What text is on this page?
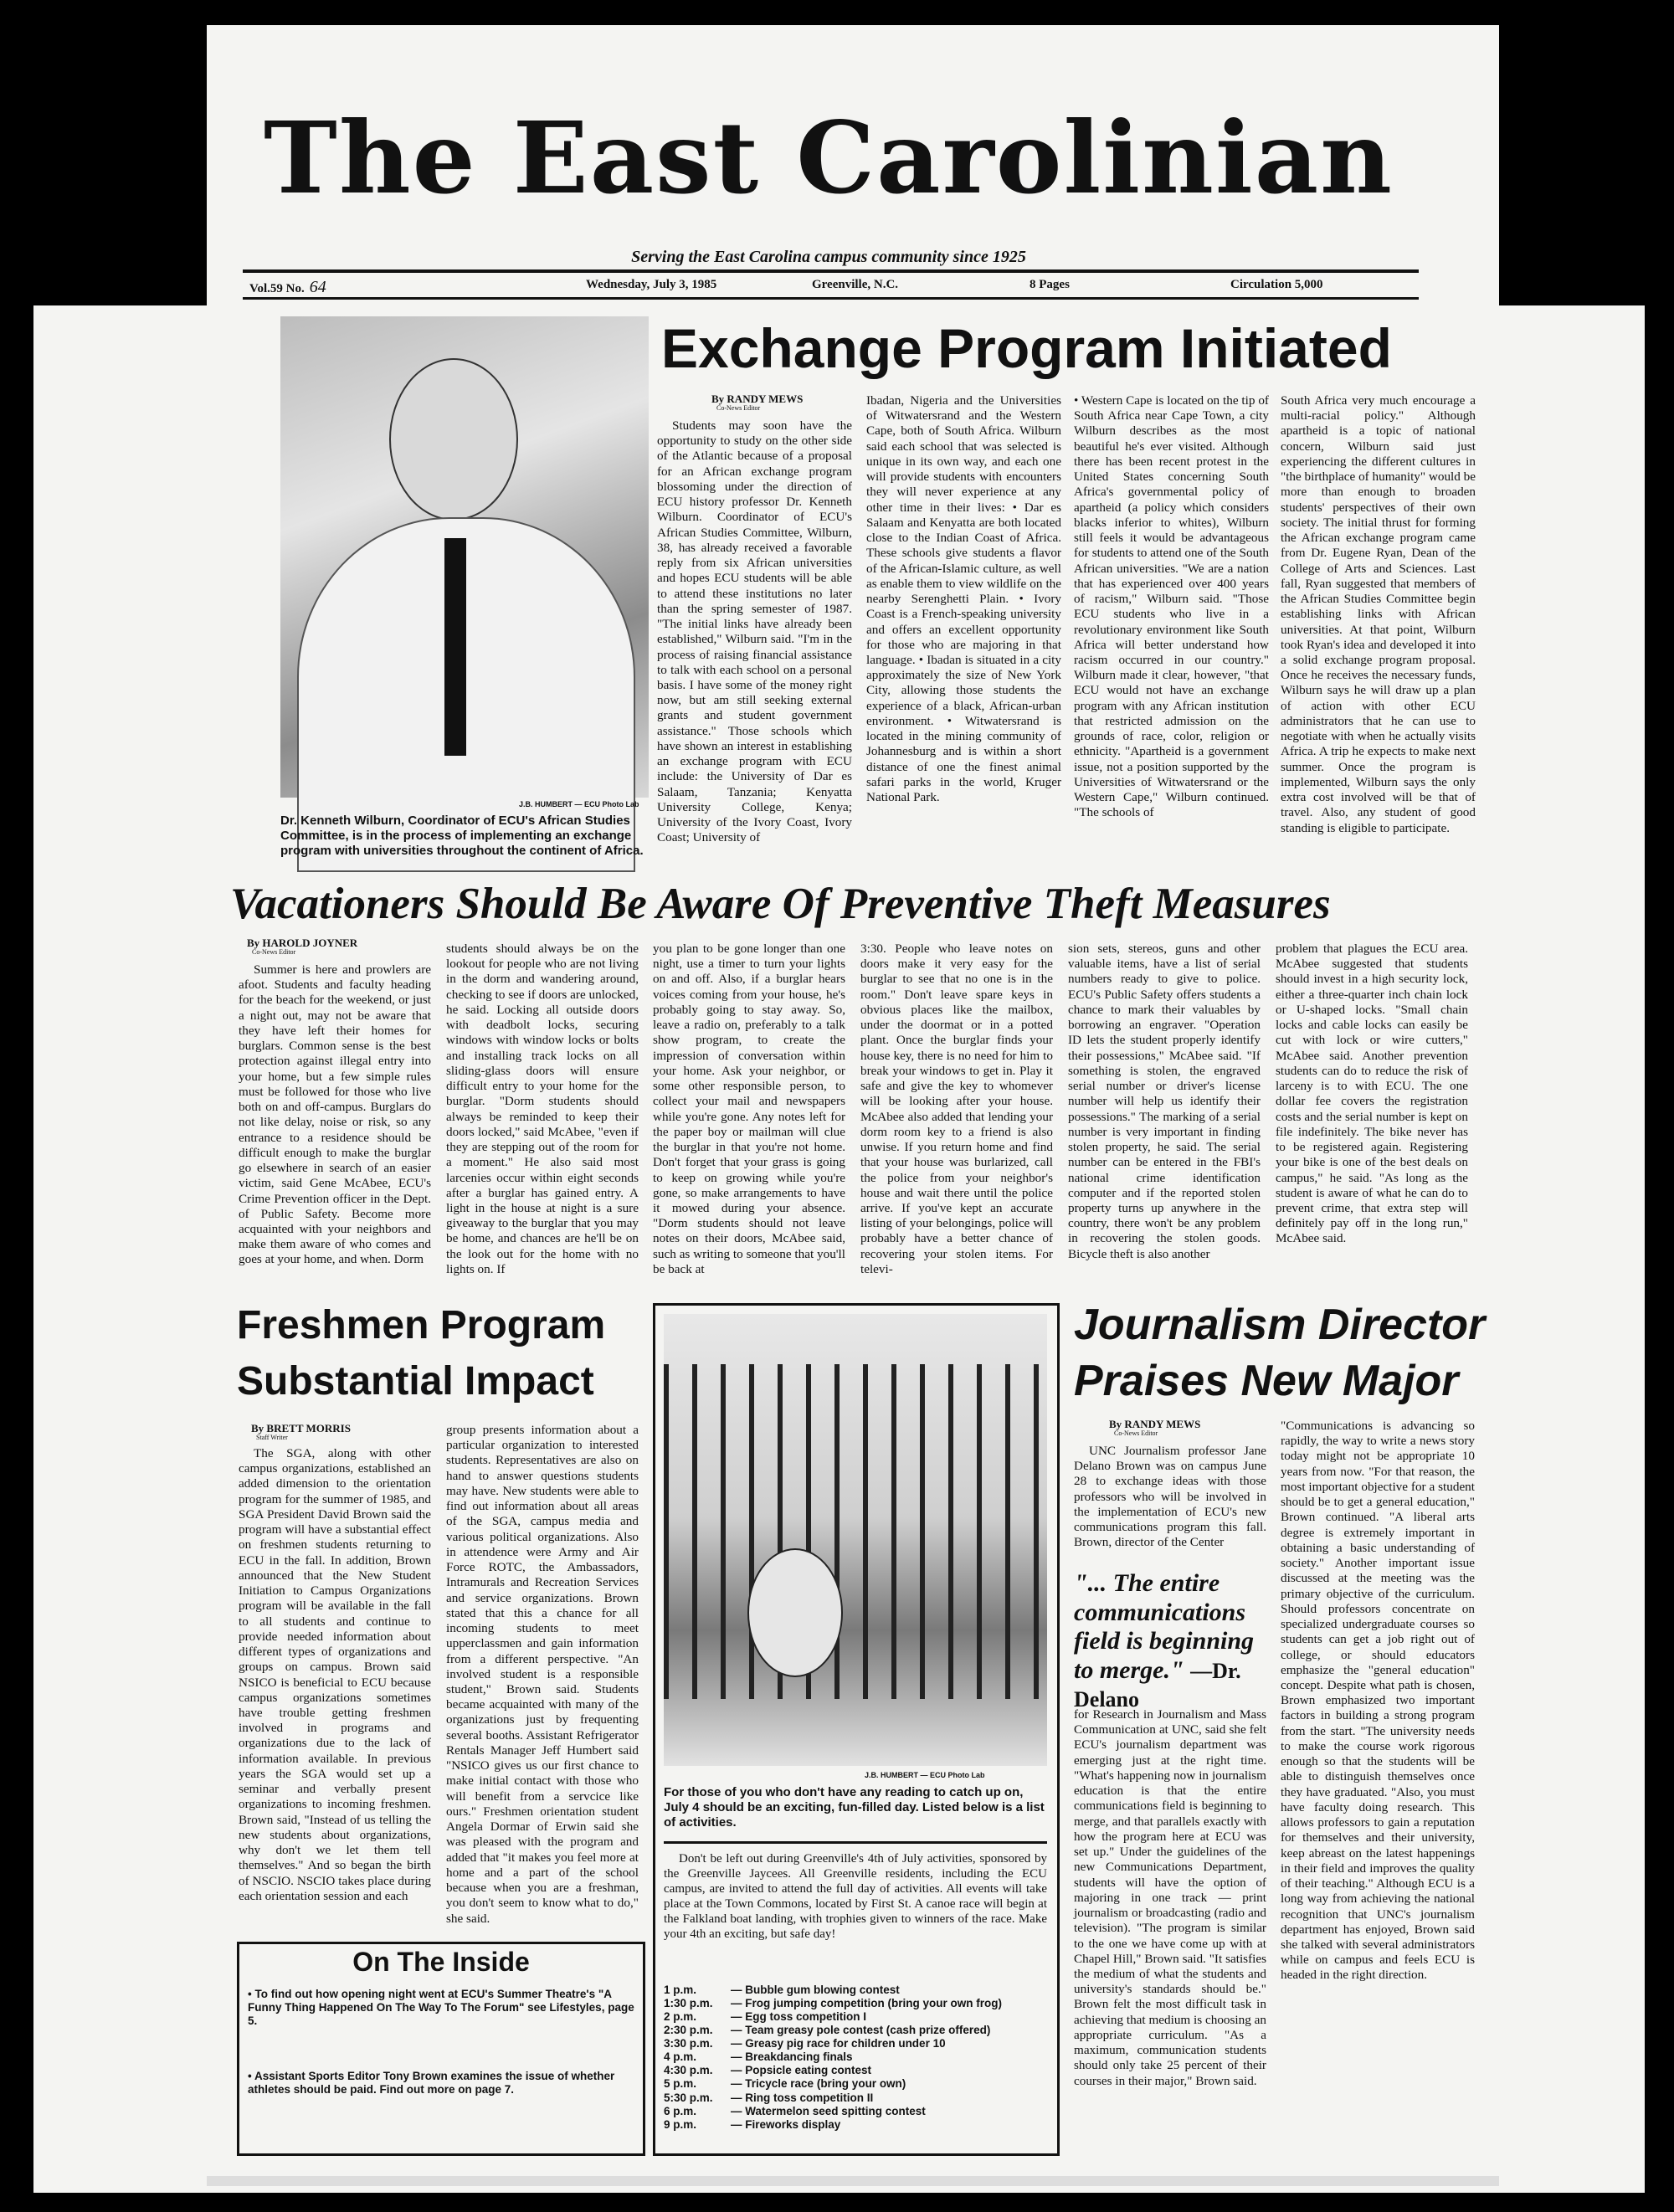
The East Carolinian
Serving the East Carolina campus community since 1925
Vol.59 No. 64	Wednesday, July 3, 1985	Greenville, N.C.	8 Pages	Circulation 5,000
J.B. HUMBERT — ECU Photo Lab
Dr. Kenneth Wilburn, Coordinator of ECU's African Studies Committee, is in the process of implementing an exchange program with universities throughout the continent of Africa.
Exchange Program Initiated
By RANDY MEWS
Co-News Editor

Students may soon have the opportunity to study on the other side of the Atlantic because of a proposal for an African exchange program blossoming under the direction of ECU history professor Dr. Kenneth Wilburn. Coordinator of ECU's African Studies Committee, Wilburn, 38, has already received a favorable reply from six African universities and hopes ECU students will be able to attend these institutions no later than the spring semester of 1987. "The initial links have already been established," Wilburn said. "I'm in the process of raising financial assistance to talk with each school on a personal basis. I have some of the money right now, but am still seeking external grants and student government assistance." Those schools which have shown an interest in establishing an exchange program with ECU include: the University of Dar es Salaam, Tanzania; Kenyatta University College, Kenya; University of the Ivory Coast, Ivory Coast; University of

Ibadan, Nigeria and the Universities of Witwatersrand and the Western Cape, both of South Africa. Wilburn said each school that was selected is unique in its own way, and each one will provide students with encounters they will never experience at any other time in their lives: • Dar es Salaam and Kenyatta are both located close to the Indian Coast of Africa. These schools give students a flavor of the African-Islamic culture, as well as enable them to view wildlife on the nearby Serenghetti Plain. • Ivory Coast is a French-speaking university and offers an excellent opportunity for those who are majoring in that language. • Ibadan is situated in a city approximately the size of New York City, allowing those students the experience of a black, African-urban environment. • Witwatersrand is located in the mining community of Johannesburg and is within a short distance of one the finest animal safari parks in the world, Kruger National Park.

• Western Cape is located on the tip of South Africa near Cape Town, a city Wilburn describes as the most beautiful he's ever visited. Although there has been recent protest in the United States concerning South Africa's governmental policy of apartheid (a policy which considers blacks inferior to whites), Wilburn still feels it would be advantageous for students to attend one of the South African universities. "We are a nation that has experienced over 400 years of racism," Wilburn said. "Those ECU students who live in a revolutionary environment like South Africa will better understand how racism occurred in our country." Wilburn made it clear, however, "that ECU would not have an exchange program with any African institution that restricted admission on the grounds of race, color, religion or ethnicity. "Apartheid is a government issue, not a position supported by the Universities of Witwatersrand or the Western Cape," Wilburn continued. "The schools of

South Africa very much encourage a multi-racial policy." Although apartheid is a topic of national concern, Wilburn said just experiencing the different cultures in "the birthplace of humanity" would be more than enough to broaden students' perspectives of their own society. The initial thrust for forming the African exchange program came from Dr. Eugene Ryan, Dean of the College of Arts and Sciences. Last fall, Ryan suggested that members of the African Studies Committee begin establishing links with African universities. At that point, Wilburn took Ryan's idea and developed it into a solid exchange program proposal. Once he receives the necessary funds, Wilburn says he will draw up a plan of action with other ECU administrators that he can use to negotiate with when he actually visits Africa. A trip he expects to make next summer. Once the program is implemented, Wilburn says the only extra cost involved will be that of travel. Also, any student of good standing is eligible to participate.

Vacationers Should Be Aware Of Preventive Theft Measures
By HAROLD JOYNER
Co-News Editor

Summer is here and prowlers are afoot. Students and faculty heading for the beach for the weekend, or just a night out, may not be aware that they have left their homes for burglars. Common sense is the best protection against illegal entry into your home, but a few simple rules must be followed for those who live both on and off-campus. Burglars do not like delay, noise or risk, so any entrance to a residence should be difficult enough to make the burglar go elsewhere in search of an easier victim, said Gene McAbee, ECU's Crime Prevention officer in the Dept. of Public Safety. Become more acquainted with your neighbors and make them aware of who comes and goes at your home, and when. Dorm

students should always be on the lookout for people who are not living in the dorm and wandering around, checking to see if doors are unlocked, he said. Locking all outside doors with deadbolt locks, securing windows with window locks or bolts and installing track locks on all sliding-glass doors will ensure difficult entry to your home for the burglar. "Dorm students should always be reminded to keep their doors locked," said McAbee, "even if they are stepping out of the room for a moment." He also said most larcenies occur within eight seconds after a burglar has gained entry. A light in the house at night is a sure giveaway to the burglar that you may be home, and chances are he'll be on the look out for the home with no lights on. If

you plan to be gone longer than one night, use a timer to turn your lights on and off. Also, if a burglar hears voices coming from your house, he's probably going to stay away. So, leave a radio on, preferably to a talk show program, to create the impression of conversation within your home. Ask your neighbor, or some other responsible person, to collect your mail and newspapers while you're gone. Any notes left for the paper boy or mailman will clue the burglar in that you're not home. Don't forget that your grass is going to keep on growing while you're gone, so make arrangements to have it mowed during your absence. "Dorm students should not leave notes on their doors, McAbee said, such as writing to someone that you'll be back at

3:30. People who leave notes on doors make it very easy for the burglar to see that no one is in the room." Don't leave spare keys in obvious places like the mailbox, under the doormat or in a potted plant. Once the burglar finds your house key, there is no need for him to break your windows to get in. Play it safe and give the key to whomever will be looking after your house. McAbee also added that lending your dorm room key to a friend is also unwise. If you return home and find that your house was burlarized, call the police from your neighbor's house and wait there until the police arrive. If you've kept an accurate listing of your belongings, police will probably have a better chance of recovering your stolen items. For televi-

sion sets, stereos, guns and other valuable items, have a list of serial numbers ready to give to police. ECU's Public Safety offers students a chance to mark their valuables by borrowing an engraver. "Operation ID lets the student properly identify their possessions," McAbee said. "If something is stolen, the engraved serial number or driver's license number will help us identify their possessions." The marking of a serial number is very important in finding stolen property, he said. The serial number can be entered in the FBI's national crime identification computer and if the reported stolen property turns up anywhere in the country, there won't be any problem in recovering the stolen goods. Bicycle theft is also another

problem that plagues the ECU area. McAbee suggested that students should invest in a high security lock, either a three-quarter inch chain lock or U-shaped locks. "Small chain locks and cable locks can easily be cut with lock or wire cutters," McAbee said. Another prevention students can do to reduce the risk of larceny is to with ECU. The one dollar fee covers the registration costs and the serial number is kept on file indefinitely. The bike never has to be registered again. Registering your bike is one of the best deals on campus," he said. "As long as the student is aware of what he can do to prevent crime, that extra step will definitely pay off in the long run," McAbee said.

Freshmen Program
Substantial Impact
By BRETT MORRIS
Staff Writer

The SGA, along with other campus organizations, established an added dimension to the orientation program for the summer of 1985, and SGA President David Brown said the program will have a substantial effect on freshmen students returning to ECU in the fall. In addition, Brown announced that the New Student Initiation to Campus Organizations program will be available in the fall to all students and continue to provide needed information about different types of organizations and groups on campus. Brown said NSICO is beneficial to ECU because campus organizations sometimes have trouble getting freshmen involved in programs and organizations due to the lack of information available. In previous years the SGA would set up a seminar and verbally present organizations to incoming freshmen. Brown said, "Instead of us telling the new students about organizations, why don't we let them tell themselves." And so began the birth of NSCIO. NSCIO takes place during each orientation session and each

group presents information about a particular organization to interested students. Representatives are also on hand to answer questions students may have. New students were able to find out information about all areas of the SGA, campus media and various political organizations. Also in attendence were Army and Air Force ROTC, the Ambassadors, Intramurals and Recreation Services and service organizations. Brown stated that this a chance for all incoming students to meet upperclassmen and gain information from a different perspective. "An involved student is a responsible student," Brown said. Students became acquainted with many of the organizations just by frequenting several booths. Assistant Refrigerator Rentals Manager Jeff Humbert said "NSICO gives us our first chance to make initial contact with those who will benefit from a servcice like ours." Freshmen orientation student Angela Dormar of Erwin said she was pleased with the program and added that "it makes you feel more at home and a part of the school because when you are a freshman, you don't seem to know what to do," she said.

On The Inside
• To find out how opening night went at ECU's Summer Theatre's "A Funny Thing Happened On The Way To The Forum" see Lifestyles, page 5.
• Assistant Sports Editor Tony Brown examines the issue of whether athletes should be paid. Find out more on page 7.
J.B. HUMBERT — ECU Photo Lab
For those of you who don't have any reading to catch up on, July 4 should be an exciting, fun-filled day. Listed below is a list of activities.

Don't be left out during Greenville's 4th of July activities, sponsored by the Greenville Jaycees. All Greenville residents, including the ECU campus, are invited to attend the full day of activities. All events will take place at the Town Commons, located by First St. A canoe race will begin at the Falkland boat landing, with trophies given to winners of the race. Make your 4th an exciting, but safe day!

1 p.m.	— Bubble gum blowing contest
1:30 p.m. — Frog jumping competition (bring your own frog)
2 p.m.	— Egg toss competition I
2:30 p.m. — Team greasy pole contest (cash prize offered)
3:30 p.m. — Greasy pig race for children under 10
4 p.m.	— Breakdancing finals
4:30 p.m. — Popsicle eating contest
5 p.m.	— Tricycle race (bring your own)
5:30 p.m. — Ring toss competition II
6 p.m.	— Watermelon seed spitting contest
9 p.m.	— Fireworks display
Journalism Director
Praises New Major
By RANDY MEWS
Co-News Editor

UNC Journalism professor Jane Delano Brown was on campus June 28 to exchange ideas with those professors who will be involved in the implementation of ECU's new communications program this fall. Brown, director of the Center

"... The entire communications field is beginning to merge." —Dr. Delano

for Research in Journalism and Mass Communication at UNC, said she felt ECU's journalism department was emerging just at the right time. "What's happening now in journalism education is that the entire communications field is beginning to merge, and that parallels exactly with how the program here at ECU was set up." Under the guidelines of the new Communications Department, students will have the option of majoring in one track — print journalism or broadcasting (radio and television). "The program is similar to the one we have come up with at Chapel Hill," Brown said. "It satisfies the medium of what the students and university's standards should be." Brown felt the most difficult task in achieving that medium is choosing an appropriate curriculum. "As a maximum, communication students should only take 25 percent of their courses in their major," Brown said.

"Communications is advancing so rapidly, the way to write a news story today might not be appropriate 10 years from now. "For that reason, the most important objective for a student should be to get a general education," Brown continued. "A liberal arts degree is extremely important in obtaining a basic understanding of society." Another important issue discussed at the meeting was the primary objective of the curriculum. Should professors concentrate on specialized undergraduate courses so students can get a job right out of college, or should educators emphasize the "general education" concept. Despite what path is chosen, Brown emphasized two important factors in building a strong program from the start. "The university needs to make the course work rigorous enough so that the students will be able to distinguish themselves once they have graduated. "Also, you must have faculty doing research. This allows professors to gain a reputation for themselves and their university, keep abreast on the latest happenings in their field and improves the quality of their teaching." Although ECU is a long way from achieving the national recognition that UNC's journalism department has enjoyed, Brown said she talked with several administrators while on campus and feels ECU is headed in the right direction.
